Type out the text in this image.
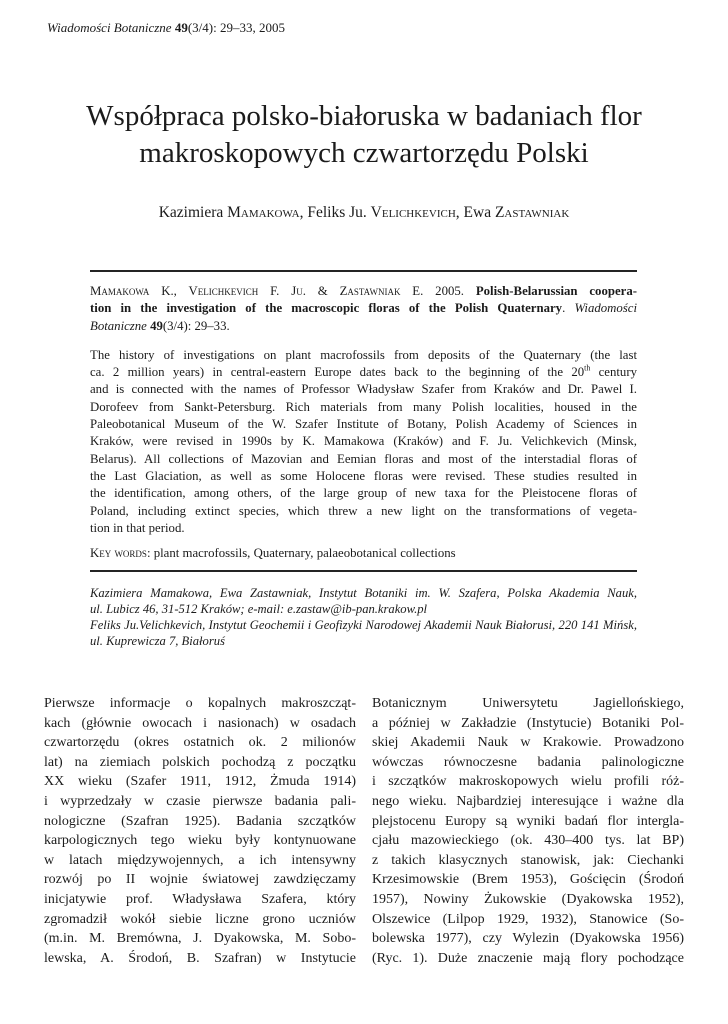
Wiadomości Botaniczne 49(3/4): 29–33, 2005
Współpraca polsko-białoruska w badaniach flor
makroskopowych czwartorzędu Polski
Kazimiera Mamakowa, Feliks Ju. Velichkevich, Ewa Zastawniak
Mamakowa K., Velichkevich F. Ju. & Zastawniak E. 2005. Polish-Belarussian coopera-
tion in the investigation of the macroscopic floras of the Polish Quaternary. Wiadomości
Botaniczne 49(3/4): 29–33.
The history of investigations on plant macrofossils from deposits of the Quaternary (the last
ca. 2 million years) in central-eastern Europe dates back to the beginning of the 20th century
and is connected with the names of Professor Władysław Szafer from Kraków and Dr. Pawel I.
Dorofeev from Sankt-Petersburg. Rich materials from many Polish localities, housed in the
Paleobotanical Museum of the W. Szafer Institute of Botany, Polish Academy of Sciences in
Kraków, were revised in 1990s by K. Mamakowa (Kraków) and F. Ju. Velichkevich (Minsk,
Belarus). All collections of Mazovian and Eemian floras and most of the interstadial floras of
the Last Glaciation, as well as some Holocene floras were revised. These studies resulted in
the identification, among others, of the large group of new taxa for the Pleistocene floras of
Poland, including extinct species, which threw a new light on the transformations of vegeta-
tion in that period.
Key words: plant macrofossils, Quaternary, palaeobotanical collections
Kazimiera Mamakowa, Ewa Zastawniak, Instytut Botaniki im. W. Szafera, Polska Akademia Nauk,
ul. Lubicz 46, 31-512 Kraków; e-mail: e.zastaw@ib-pan.krakow.pl
Feliks Ju.Velichkevich, Instytut Geochemii i Geofizyki Narodowej Akademii Nauk Białorusi, 220 141 Mińsk,
ul. Kuprewicza 7, Białoruś
Pierwsze informacje o kopalnych makroszcząt-
kach (głównie owocach i nasionach) w osadach
czwartorzędu (okres ostatnich ok. 2 milionów
lat) na ziemiach polskich pochodzą z początku
XX wieku (Szafer 1911, 1912, Żmuda 1914)
i wyprzedzały w czasie pierwsze badania pali-
nologiczne (Szafran 1925). Badania szczątków
karpologicznych tego wieku były kontynuowane
w latach międzywojennych, a ich intensywny
rozwój po II wojnie światowej zawdzięczamy
inicjatywie prof. Władysława Szafera, który
zgromadził wokół siebie liczne grono uczniów
(m.in. M. Bremówna, J. Dyakowska, M. Sobo-
lewska, A. Środoń, B. Szafran) w Instytucie
Botanicznym Uniwersytetu Jagiellońskiego,
a później w Zakładzie (Instytucie) Botaniki Pol-
skiej Akademii Nauk w Krakowie. Prowadzono
wówczas równoczesne badania palinologiczne
i szczątków makroskopowych wielu profili róż-
nego wieku. Najbardziej interesujące i ważne dla
plejstocenu Europy są wyniki badań flor intergla-
cjału mazowieckiego (ok. 430–400 tys. lat BP)
z takich klasycznych stanowisk, jak: Ciechanki
Krzesimowskie (Brem 1953), Gościęcin (Środoń
1957), Nowiny Żukowskie (Dyakowska 1952),
Olszewice (Lilpop 1929, 1932), Stanowice (So-
bolewska 1977), czy Wylezin (Dyakowska 1956)
(Ryc. 1). Duże znaczenie mają flory pochodzące
